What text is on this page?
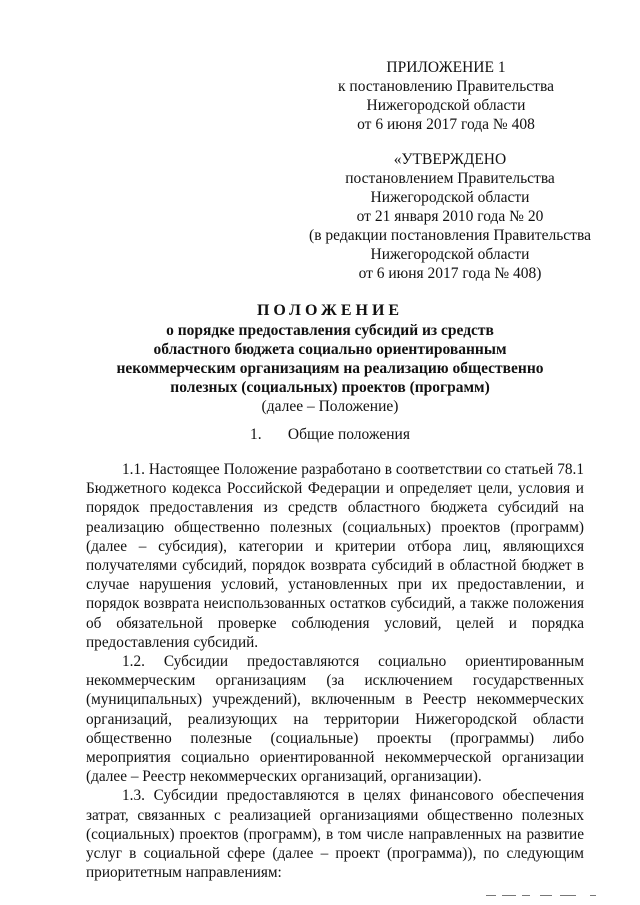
ПРИЛОЖЕНИЕ 1
к постановлению Правительства
Нижегородской области
от 6 июня 2017 года № 408
«УТВЕРЖДЕНО
постановлением Правительства
Нижегородской области
от 21 января 2010 года № 20
(в редакции постановления Правительства
Нижегородской области
от 6 июня 2017 года № 408)
ПОЛОЖЕНИЕ
о порядке предоставления субсидий из средств
областного бюджета социально ориентированным
некоммерческим организациям на реализацию общественно
полезных (социальных) проектов (программ)
(далее – Положение)
1. Общие положения

1.1. Настоящее Положение разработано в соответствии со статьей 78.1 Бюджетного кодекса Российской Федерации и определяет цели, условия и порядок предоставления из средств областного бюджета субсидий на реализацию общественно полезных (социальных) проектов (программ) (далее – субсидия), категории и критерии отбора лиц, являющихся получателями субсидий, порядок возврата субсидий в областной бюджет в случае нарушения условий, установленных при их предоставлении, и порядок возврата неиспользованных остатков субсидий, а также положения об обязательной проверке соблюдения условий, целей и порядка предоставления субсидий.

1.2. Субсидии предоставляются социально ориентированным некоммерческим организациям (за исключением государственных (муниципальных) учреждений), включенным в Реестр некоммерческих организаций, реализующих на территории Нижегородской области общественно полезные (социальные) проекты (программы) либо мероприятия социально ориентированной некоммерческой организации (далее – Реестр некоммерческих организаций, организации).

1.3. Субсидии предоставляются в целях финансового обеспечения затрат, связанных с реализацией организациями общественно полезных (социальных) проектов (программ), в том числе направленных на развитие услуг в социальной сфере (далее – проект (программа)), по следующим приоритетным направлениям:
